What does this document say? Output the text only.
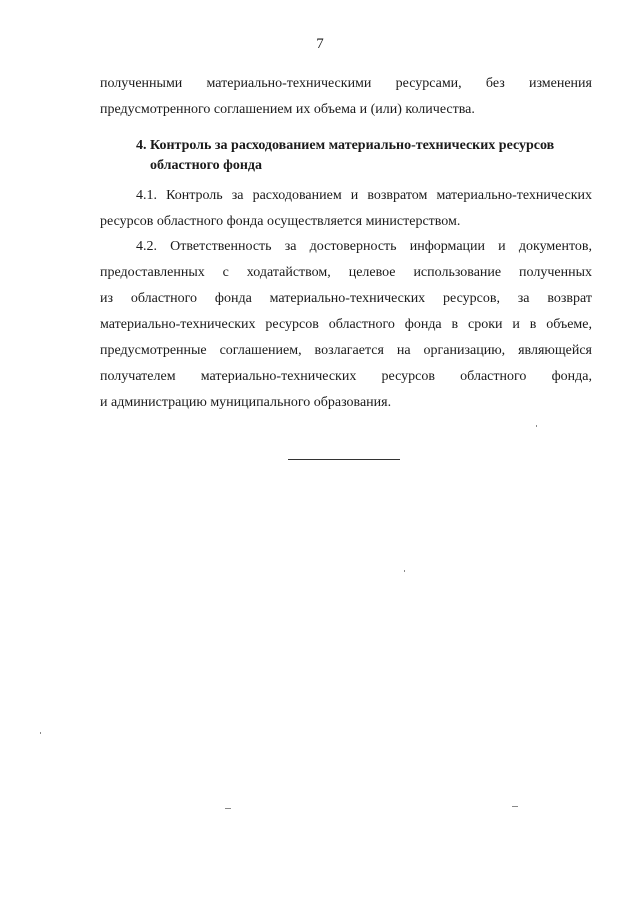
7
полученными материально-техническими ресурсами, без изменения
предусмотренного соглашением их объема и (или) количества.
4. Контроль за расходованием материально-технических ресурсов
областного фонда
4.1. Контроль за расходованием и возвратом материально-технических
ресурсов областного фонда осуществляется министерством.
4.2. Ответственность за достоверность информации и документов,
предоставленных с ходатайством, целевое использование полученных
из областного фонда материально-технических ресурсов, за возврат
материально-технических ресурсов областного фонда в сроки и в объеме,
предусмотренные соглашением, возлагается на организацию, являющейся
получателем материально-технических ресурсов областного фонда,
и администрацию муниципального образования.
